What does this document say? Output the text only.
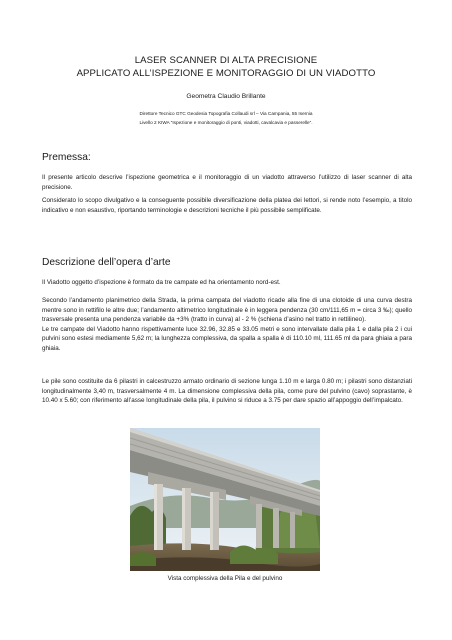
LASER SCANNER DI ALTA PRECISIONE
APPLICATO ALL’ISPEZIONE E MONITORAGGIO DI UN VIADOTTO
Geometra Claudio Brillante
Direttore Tecnico GTC Geodesia Topografia Collaudi srl – Via Campania, 55 Isernia
Livello 2 KIWA “Ispezione e monitoraggio di ponti, viadotti, cavalcavia e passerelle”.
Premessa:

Il presente articolo descrive l’ispezione geometrica e il monitoraggio di un viadotto attraverso l’utilizzo di laser scanner di alta precisione.

Considerato lo scopo divulgativo e la conseguente possibile diversificazione della platea dei lettori, si rende noto l’esempio, a titolo indicativo e non esaustivo, riportando terminologie e descrizioni tecniche il più possibile semplificate.

Descrizione dell’opera d’arte

Il Viadotto oggetto d’ispezione è formato da tre campate ed ha orientamento nord-est.

Secondo l’andamento planimetrico della Strada, la prima campata del viadotto ricade alla fine di una clotoide di una curva destra mentre sono in rettifilo le altre due; l’andamento altimetrico longitudinale è in leggera pendenza (30 cm/111,65 m = circa 3 ‰); quello trasversale presenta una pendenza variabile da +3% (tratto in curva) al - 2 % (schiena d’asino nel tratto in rettilineo).
Le tre campate del Viadotto hanno rispettivamente luce 32.96, 32.85 e 33.05 metri e sono intervallate dalla pila 1 e dalla pila 2 i cui pulvini sono estesi mediamente 5,62 m; la lunghezza complessiva, da spalla a spalla è di 110.10 ml, 111.65 ml da para ghiaia a para ghiaia.

Le pile sono costituite da 6 pilastri in calcestruzzo armato ordinario di sezione lunga 1.10 m e larga 0.80 m; i pilastri sono distanziati longitudinalmente 3,40 m, trasversalmente 4 m. La dimensione complessiva della pila, come pure del pulvino (cavo) soprastante, è 10.40 x 5.60; con riferimento all’asse longitudinale della pila, il pulvino si riduce a 3.75 per dare spazio all’appoggio dell’impalcato.

Vista complessiva della Pila e del pulvino
